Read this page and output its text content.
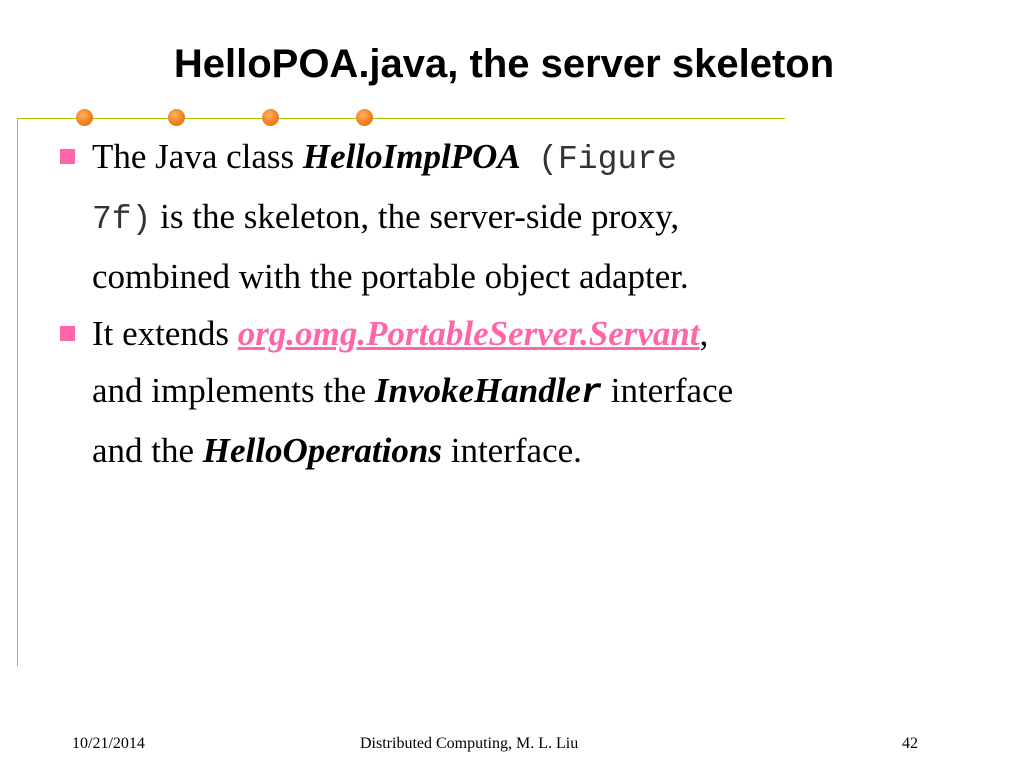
HelloPOA.java, the server skeleton
The Java class HelloImplPOA (Figure
7f) is the skeleton, the server-side proxy,
combined with the portable object adapter.
It extends org.omg.PortableServer.Servant,
and implements the InvokeHandler interface
and the HelloOperations interface.
10/21/2014	Distributed Computing, M. L. Liu	42
